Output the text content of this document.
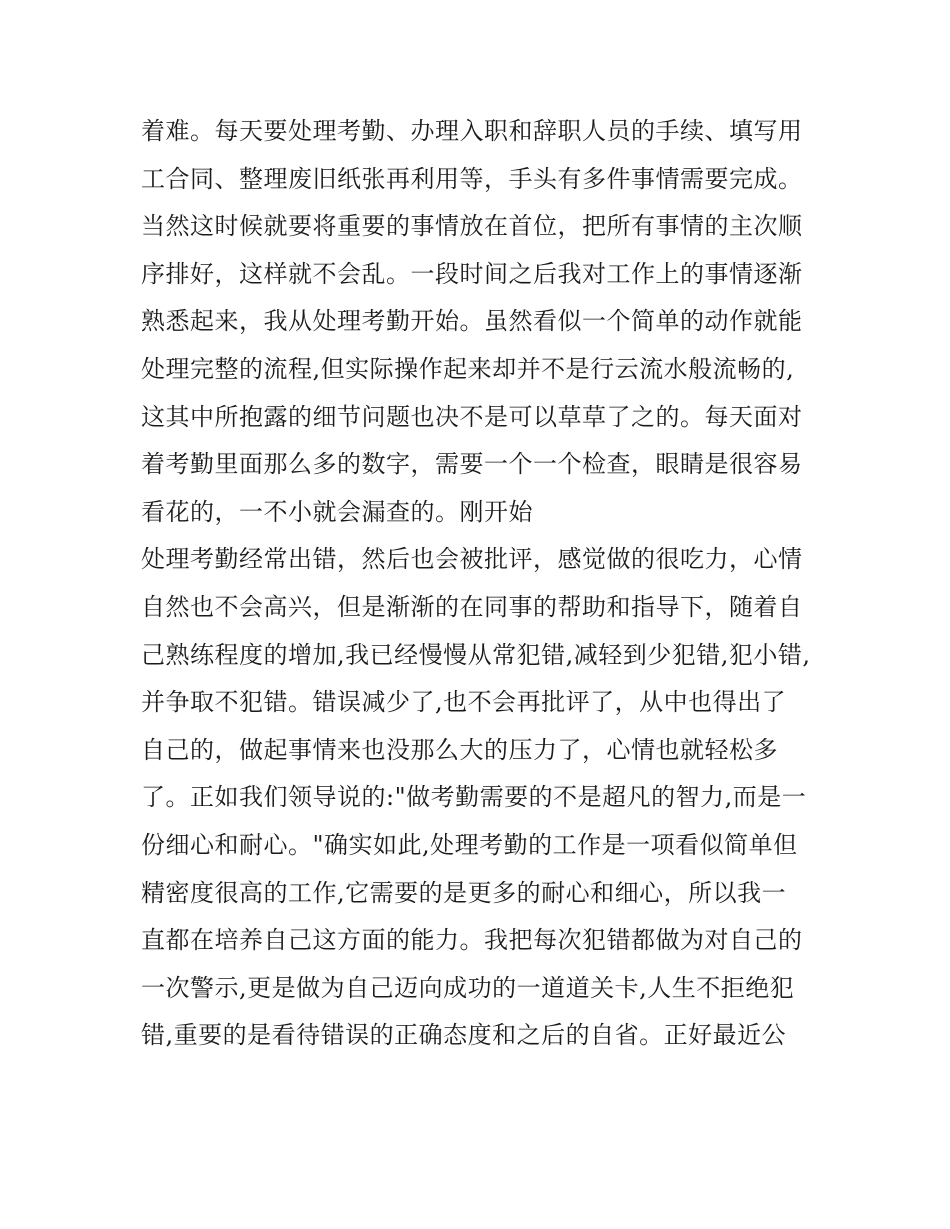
着难。每天要处理考勤、办理入职和辞职人员的手续、填写用
工合同、整理废旧纸张再利用等，手头有多件事情需要完成。
当然这时候就要将重要的事情放在首位，把所有事情的主次顺
序排好，这样就不会乱。一段时间之后我对工作上的事情逐渐
熟悉起来，我从处理考勤开始。虽然看似一个简单的动作就能
处理完整的流程,但实际操作起来却并不是行云流水般流畅的,
这其中所抱露的细节问题也决不是可以草草了之的。每天面对
着考勤里面那么多的数字，需要一个一个检查，眼睛是很容易
看花的，一不小就会漏查的。刚开始
处理考勤经常出错，然后也会被批评，感觉做的很吃力，心情
自然也不会高兴，但是渐渐的在同事的帮助和指导下，随着自
己熟练程度的增加,我已经慢慢从常犯错,减轻到少犯错,犯小错,
并争取不犯错。错误减少了,也不会再批评了，从中也得出了
自己的，做起事情来也没那么大的压力了，心情也就轻松多
了。正如我们领导说的:"做考勤需要的不是超凡的智力,而是一
份细心和耐心。"确实如此,处理考勤的工作是一项看似简单但
精密度很高的工作,它需要的是更多的耐心和细心，所以我一
直都在培养自己这方面的能力。我把每次犯错都做为对自己的
一次警示,更是做为自己迈向成功的一道道关卡,人生不拒绝犯
错,重要的是看待错误的正确态度和之后的自省。正好最近公
